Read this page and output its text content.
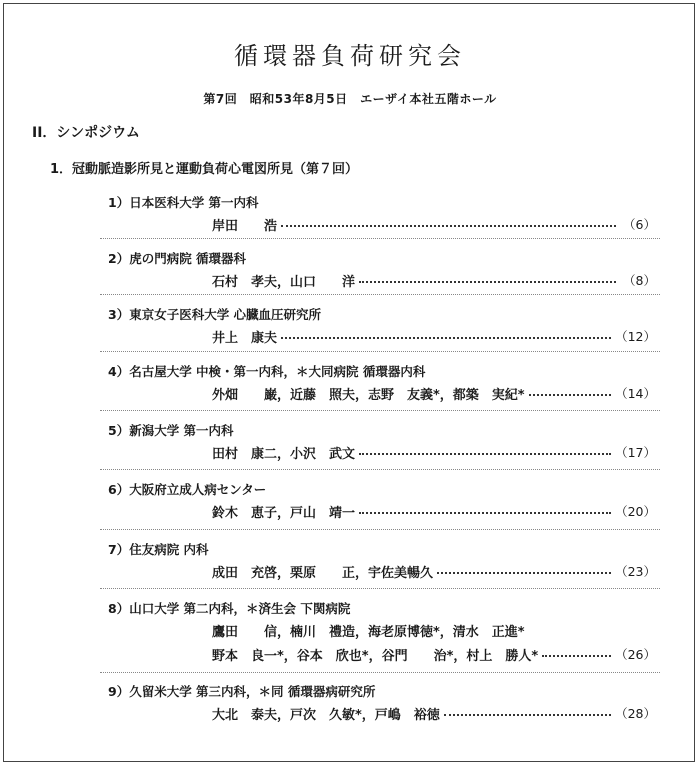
循環器負荷研究会
第7回　昭和53年8月5日　エーザイ本社五階ホール
II．シンポジウム
1．冠動脈造影所見と運動負荷心電図所見（第７回）
1）日本医科大学 第一内科
岸田　　浩	（6）
2）虎の門病院 循環器科
石村　孝夫，山口　　洋	（8）
3）東京女子医科大学 心臓血圧研究所
井上　康夫	（12）
4）名古屋大学 中検・第一内科，＊大同病院 循環器内科
外畑　　巌，近藤　照夫，志野　友義*，都築　実紀*	（14）
5）新潟大学 第一内科
田村　康二，小沢　武文	（17）
6）大阪府立成人病センター
鈴木　恵子，戸山　靖一	（20）
7）住友病院 内科
成田　充啓，栗原　　正，宇佐美暢久	（23）
8）山口大学 第二内科，＊済生会 下関病院
鷹田　　信，楠川　禮造，海老原博徳*，清水　正進*
野本　良一*，谷本　欣也*，谷門　　治*，村上　勝人*	（26）
9）久留米大学 第三内科，＊同 循環器病研究所
大北　泰夫，戸次　久敏*，戸嶋　裕徳	（28）
